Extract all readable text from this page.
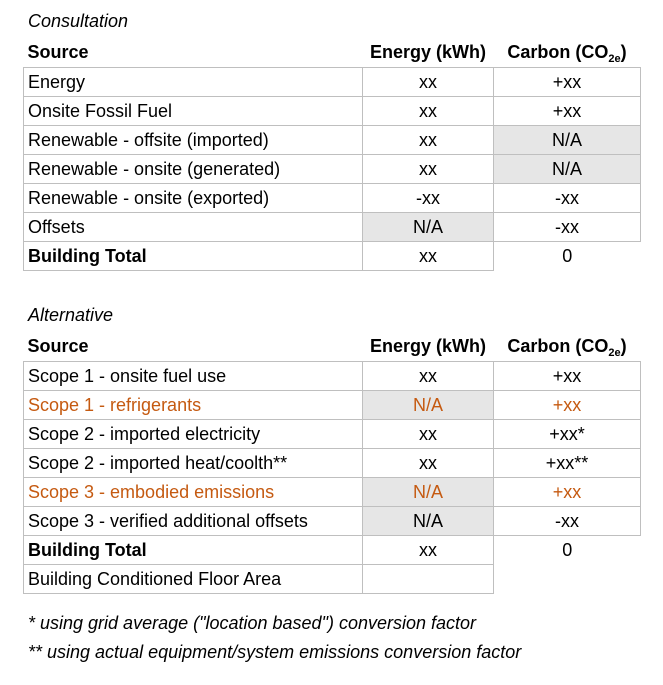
Consultation
Source	Energy (kWh)	Carbon $(CO_{2e})$
Energy	xx	+xx
Onsite Fossil Fuel	xx	+xx
Renewable - offsite (imported)	xx	N/A
Renewable - onsite (generated)	xx	N/A
Renewable - onsite (exported)	-xx	-xx
Offsets	N/A	-xx
Building Total	xx	0
Alternative
Source	Energy (kWh)	Carbon $(CO_{2e})$
Scope 1 - onsite fuel use	xx	+xx
Scope 1 - refrigerants	N/A	+xx
Scope 2 - imported electricity	xx	+xx*
Scope 2 - imported heat/coolth**	xx	+xx**
Scope 3 - embodied emissions	N/A	+xx
Scope 3 - verified additional offsets	N/A	-xx
Building Total	xx	0
Building Conditioned Floor Area		
* using grid average ("location based") conversion factor
** using actual equipment/system emissions conversion factor
